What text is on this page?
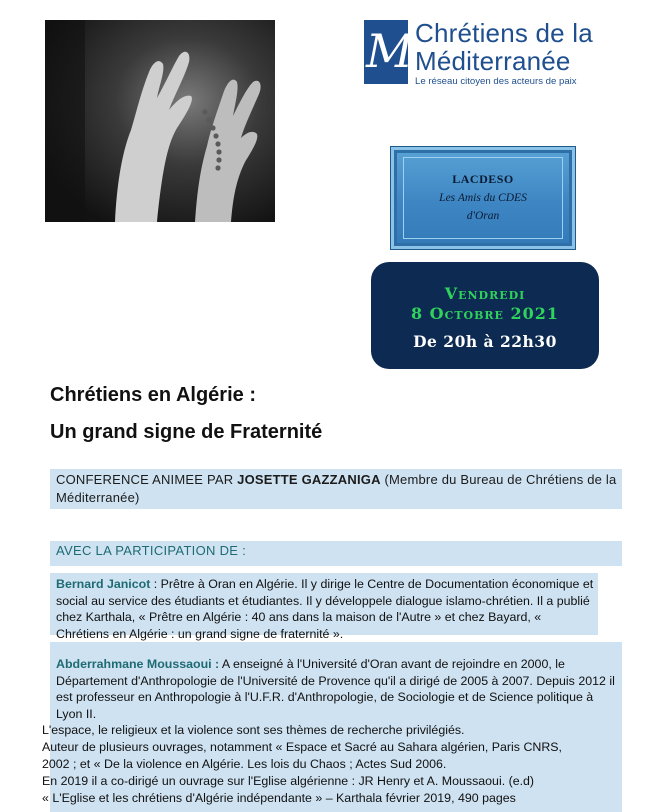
M Chrétiens de la
Méditerranée
Le réseau citoyen des acteurs de paix
LACDESO
Les Amis du CDES
d'Oran
Vendredi
8 Octobre 2021
De 20h à 22h30
Chrétiens en Algérie :
Un grand signe de Fraternité
CONFERENCE ANIMEE PAR JOSETTE GAZZANIGA (Membre du Bureau de Chrétiens de la Méditerranée)
AVEC LA PARTICIPATION DE :
Bernard Janicot : Prêtre à Oran en Algérie. Il y dirige le Centre de Documentation économique et social au service des étudiants et étudiantes. Il y développele dialogue islamo-chrétien. Il a publié chez Karthala, « Prêtre en Algérie : 40 ans dans la maison de l'Autre » et chez Bayard, « Chrétiens en Algérie : un grand signe de fraternité ».
Abderrahmane Moussaoui : A enseigné à l'Université d'Oran avant de rejoindre en 2000, le Département d'Anthropologie de l'Université de Provence qu'il a dirigé de 2005 à 2007. Depuis 2012 il est professeur en Anthropologie à l'U.F.R. d'Anthropologie, de Sociologie et de Science politique à Lyon II.
L'espace, le religieux et la violence sont ses thèmes de recherche privilégiés.
Auteur de plusieurs ouvrages, notamment « Espace et Sacré au Sahara algérien, Paris CNRS,
2002 ; et « De la violence en Algérie. Les lois du Chaos ; Actes Sud 2006.
En 2019 il a co-dirigé un ouvrage sur l'Eglise algérienne : JR Henry et A. Moussaoui. (e.d)
« L'Eglise et les chrétiens d'Algérie indépendante » – Karthala février 2019, 490 pages
